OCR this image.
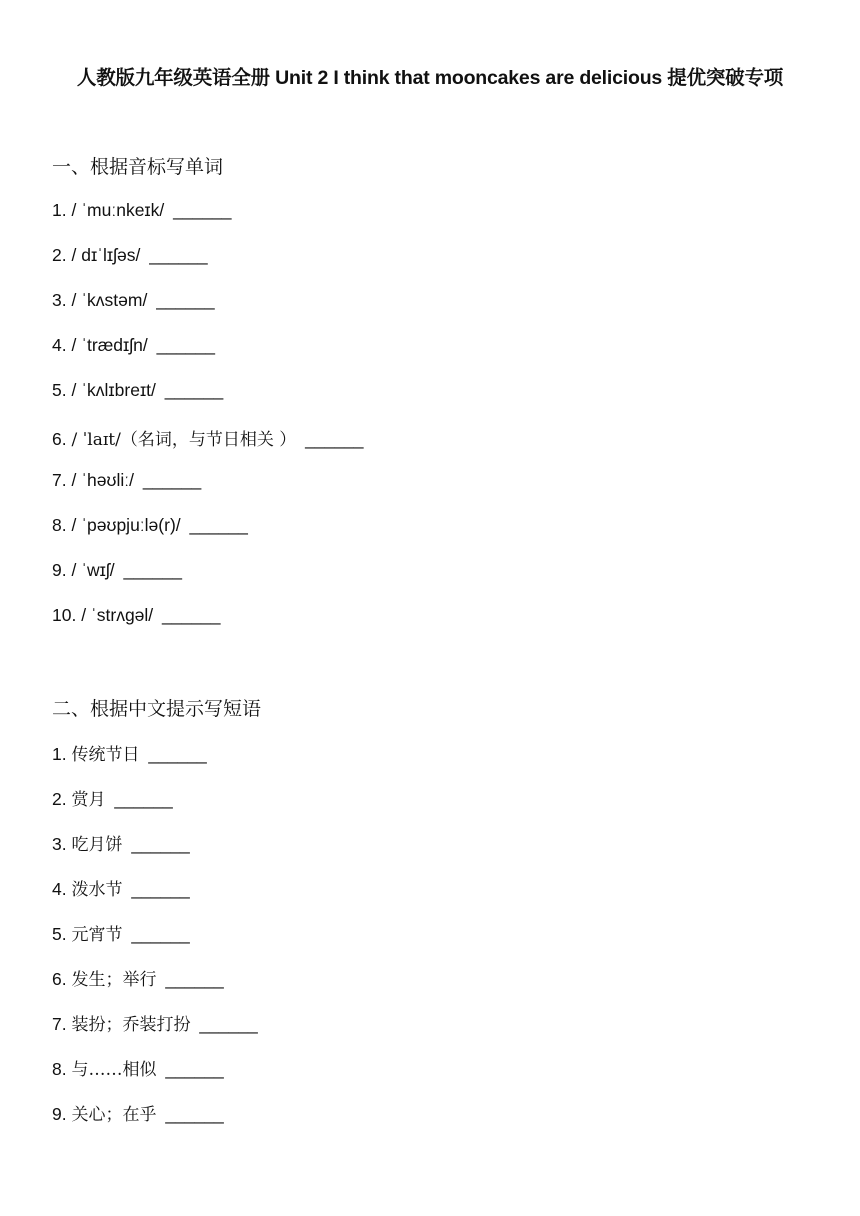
人教版九年级英语全册 Unit 2 I think that mooncakes are delicious 提优突破专项
一、根据音标写单词
1. / ˈmuːnkeɪk/ ______
2. / dɪˈlɪʃəs/ ______
3. / ˈkʌstəm/ ______
4. / ˈtrædɪʃn/ ______
5. / ˈkʌlɪbreɪt/ ______
6. / ˈlaɪt/（名词，与节日相关 ） ______
7. / ˈhəʊliː/ ______
8. / ˈpəʊpjuːlə(r)/ ______
9. / ˈwɪʃ/ ______
10. / ˈstrʌgəl/ ______
二、根据中文提示写短语
1. 传统节日 ______
2. 赏月 ______
3. 吃月饼 ______
4. 泼水节 ______
5. 元宵节 ______
6. 发生；举行 ______
7. 装扮；乔装打扮 ______
8. 与……相似 ______
9. 关心；在乎 ______
